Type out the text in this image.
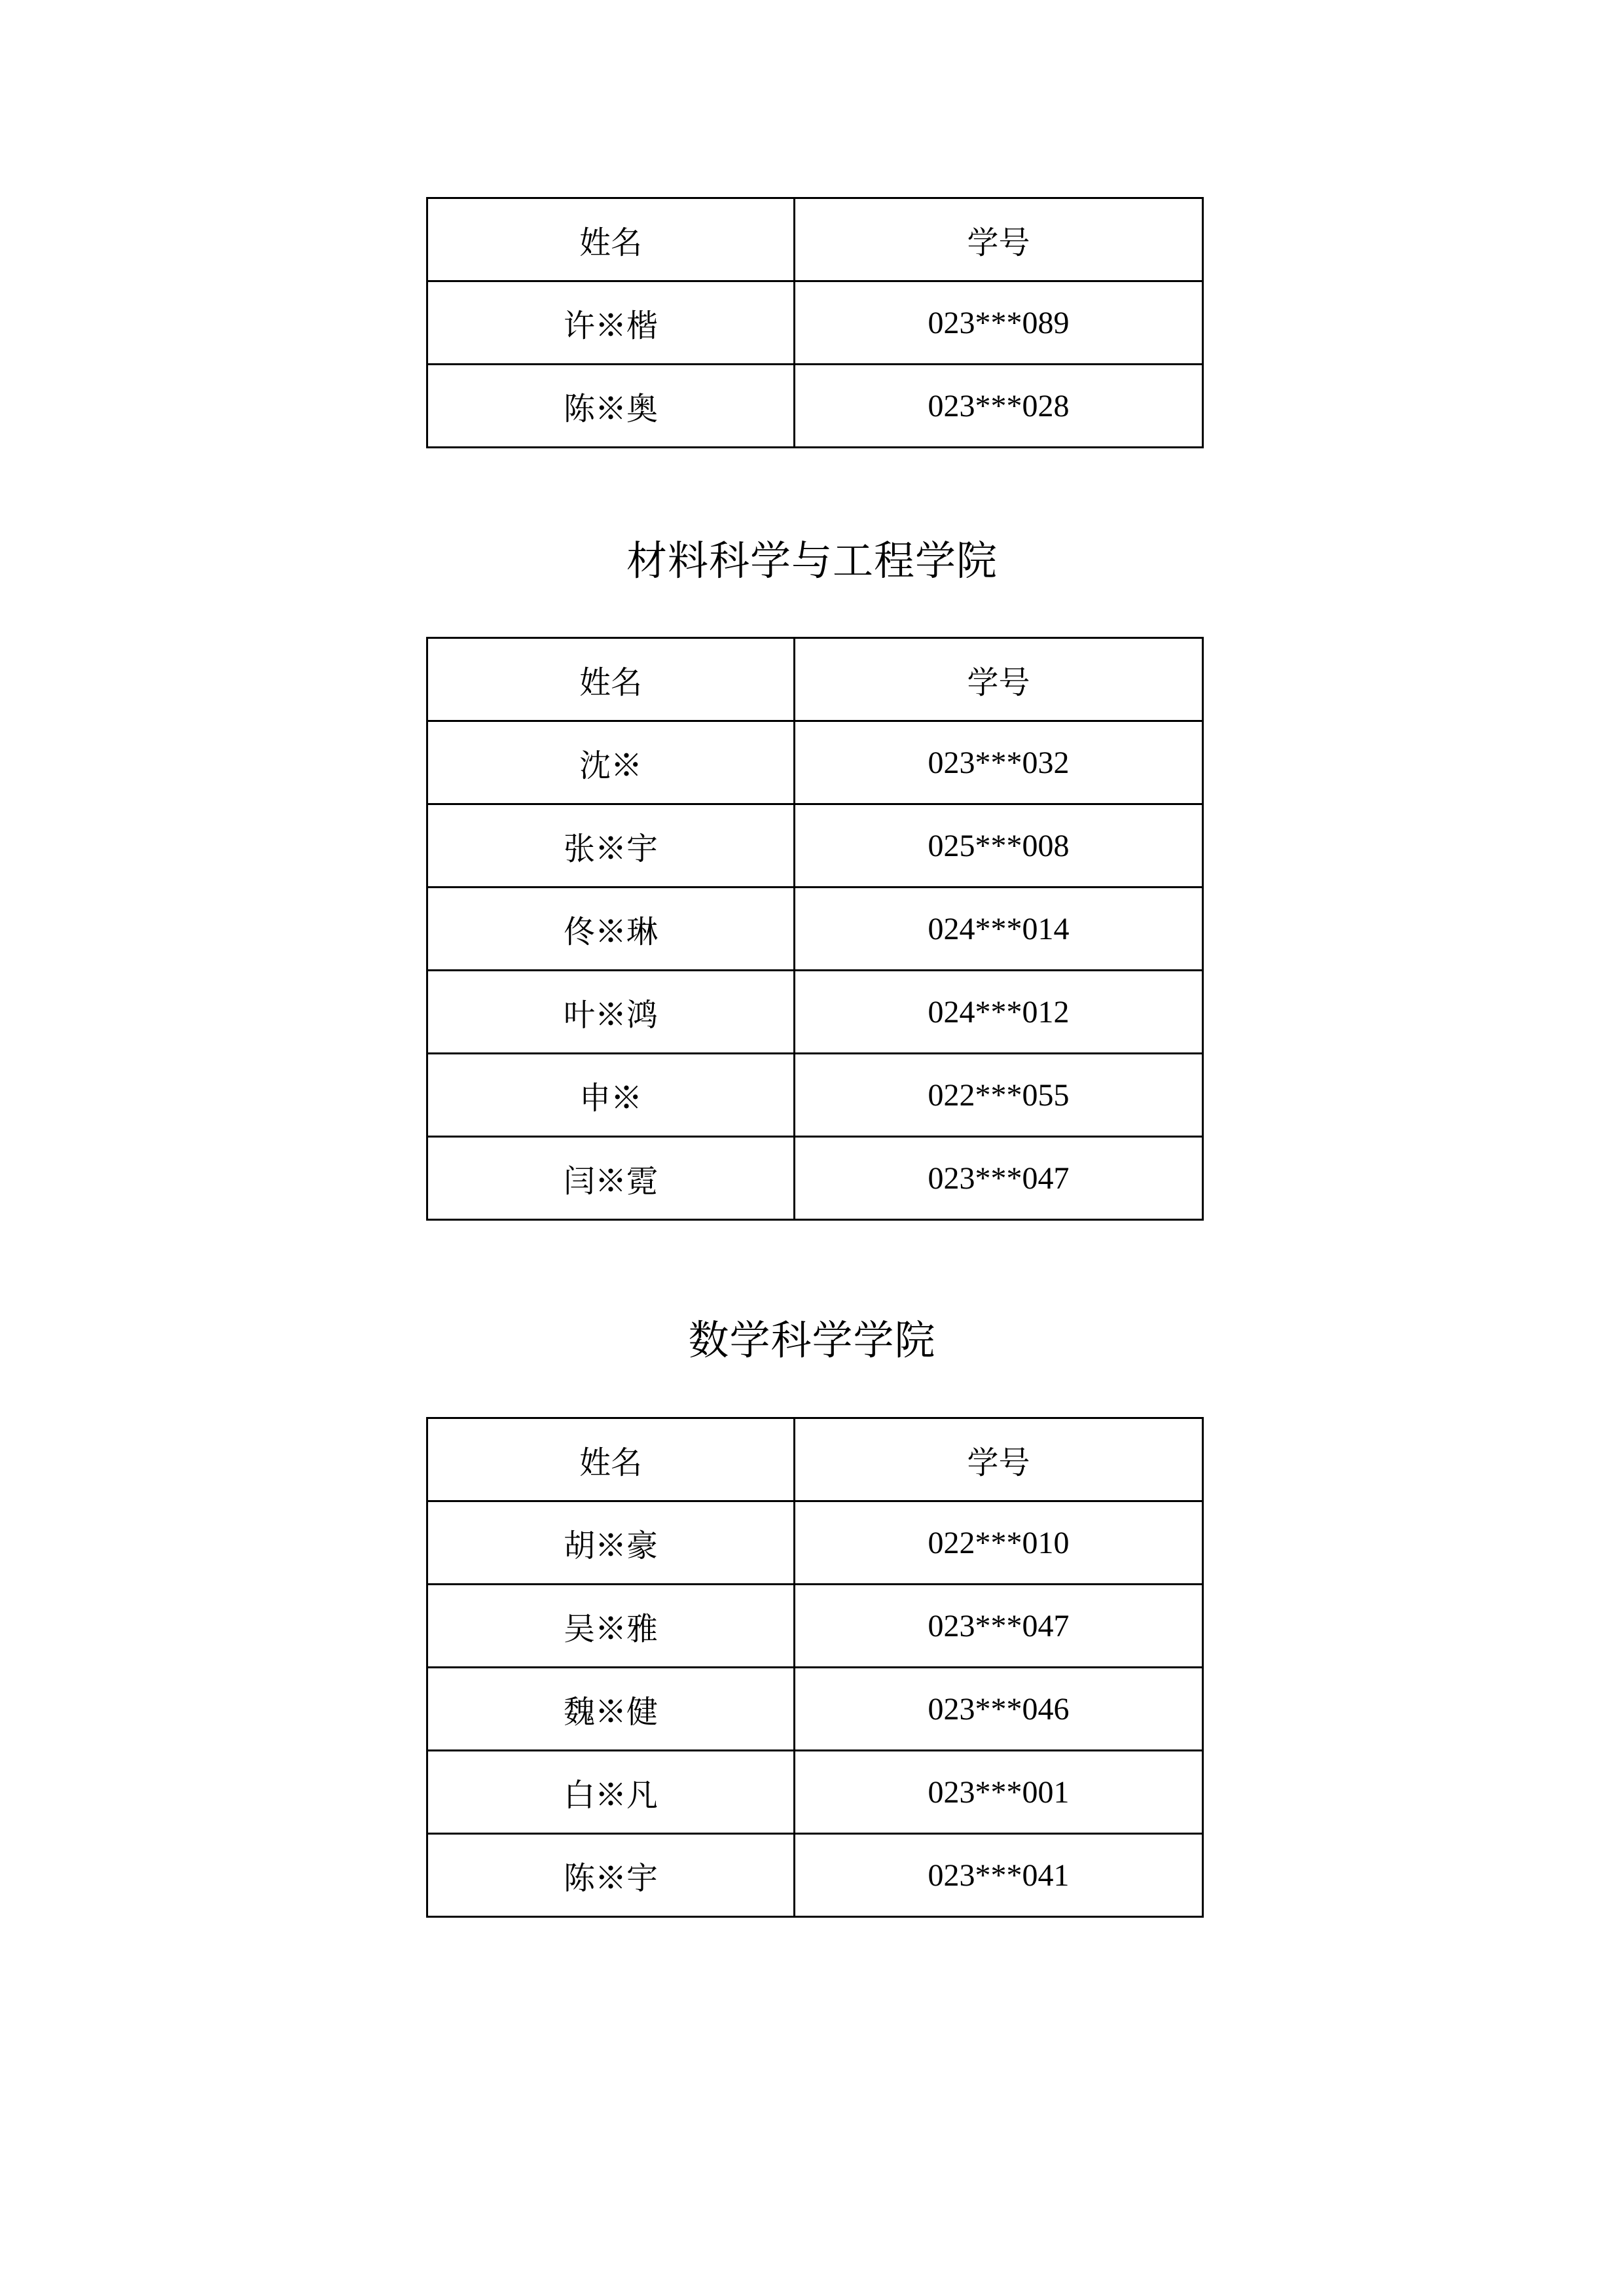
姓名	学号
许※楷	023***089
陈※奥	023***028
材料科学与工程学院
姓名	学号
沈※	023***032
张※宇	025***008
佟※琳	024***014
叶※鸿	024***012
申※	022***055
闫※霓	023***047
数学科学学院
姓名	学号
胡※豪	022***010
吴※雅	023***047
魏※健	023***046
白※凡	023***001
陈※宇	023***041
